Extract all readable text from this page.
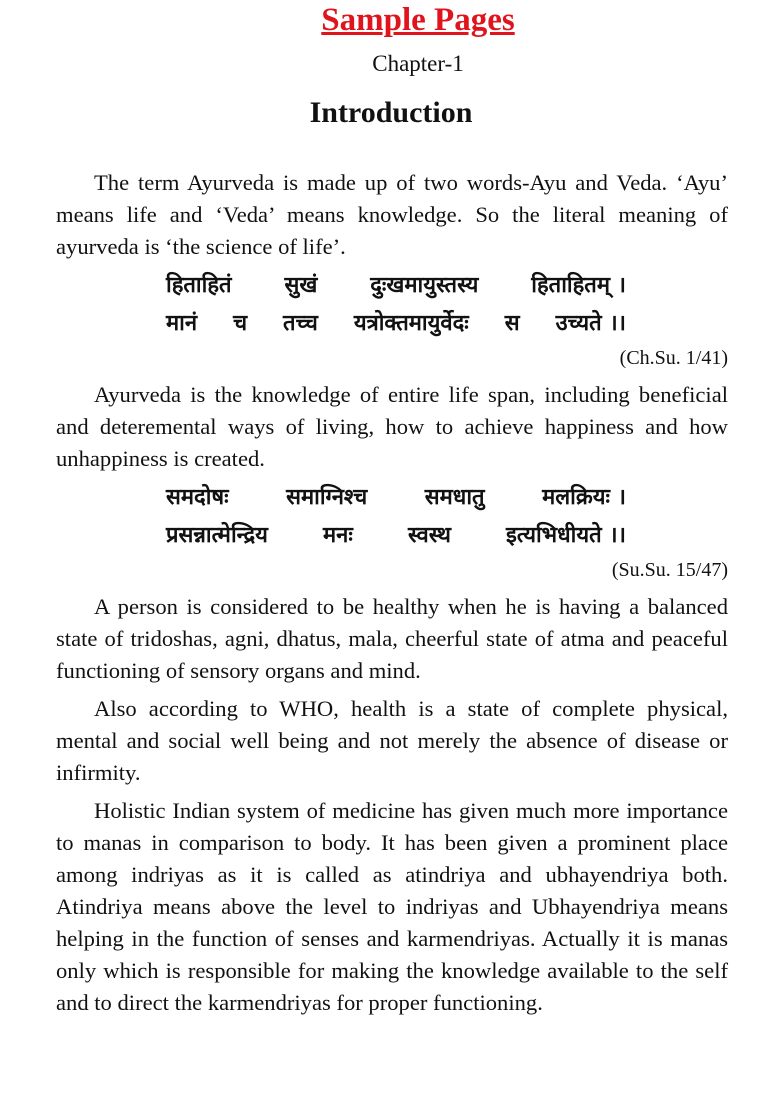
Sample Pages
Chapter-1
Introduction

The term Ayurveda is made up of two words-Ayu and Veda. ‘Ayu’ means life and ‘Veda’ means knowledge. So the literal meaning of ayurveda is ‘the science of life’.

हिताहितं सुखं दुःखमायुस्तस्य हिताहितम् ।
मानं च तच्च यत्रोक्तमायुर्वेदः स उच्यते ।।
(Ch.Su. 1/41)

Ayurveda is the knowledge of entire life span, including beneficial and deteremental ways of living, how to achieve happiness and how unhappiness is created.

समदोषः	समाग्निश्च	समधातु	मलक्रियः ।
प्रसन्नात्मेन्द्रिय	मनः	स्वस्थ	इत्यभिधीयते ।।
(Su.Su. 15/47)

A person is considered to be healthy when he is having a balanced state of tridoshas, agni, dhatus, mala, cheerful state of atma and peaceful functioning of sensory organs and mind.

Also according to WHO, health is a state of complete physical, mental and social well being and not merely the absence of disease or infirmity.

Holistic Indian system of medicine has given much more importance to manas in comparison to body. It has been given a prominent place among indriyas as it is called as atindriya and ubhayendriya both. Atindriya means above the level to indriyas and Ubhayendriya means helping in the function of senses and karmendriyas. Actually it is manas only which is responsible for making the knowledge available to the self and to direct the karmendriyas for proper functioning.
